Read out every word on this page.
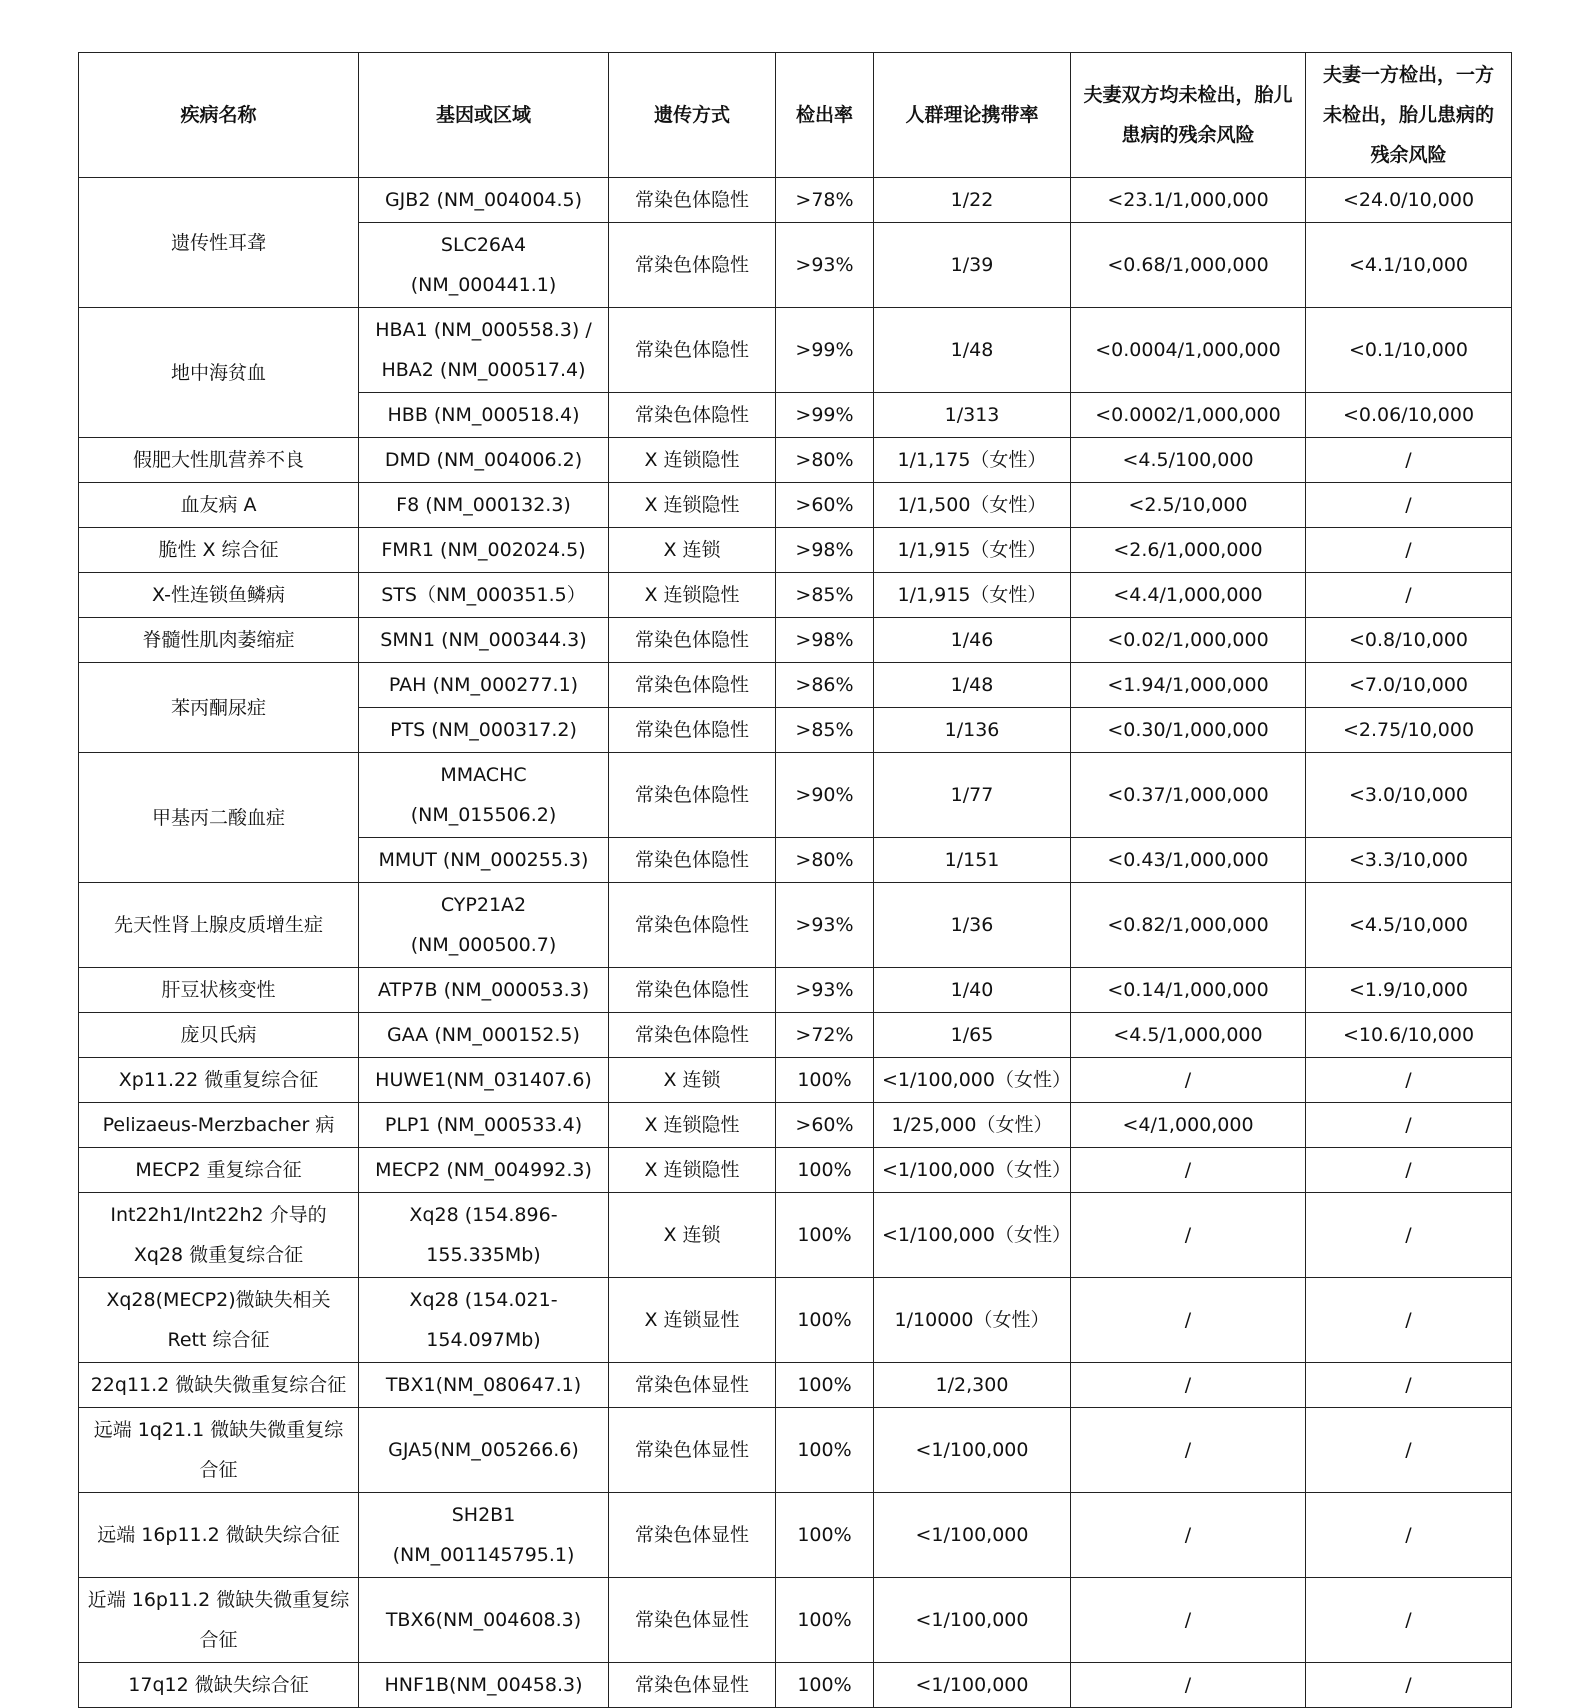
疾病名称	基因或区域	遗传方式	检出率	人群理论携带率	夫妻双方均未检出，胎儿患病的残余风险	夫妻一方检出，一方未检出，胎儿患病的残余风险
遗传性耳聋	GJB2 (NM_004004.5)	常染色体隐性	>78%	1/22	<23.1/1,000,000	<24.0/10,000
	SLC26A4 (NM_000441.1)	常染色体隐性	>93%	1/39	<0.68/1,000,000	<4.1/10,000
地中海贫血	HBA1 (NM_000558.3) / HBA2 (NM_000517.4)	常染色体隐性	>99%	1/48	<0.0004/1,000,000	<0.1/10,000
	HBB (NM_000518.4)	常染色体隐性	>99%	1/313	<0.0002/1,000,000	<0.06/10,000
假肥大性肌营养不良	DMD (NM_004006.2)	X 连锁隐性	>80%	1/1,175（女性）	<4.5/100,000	/
血友病 A	F8 (NM_000132.3)	X 连锁隐性	>60%	1/1,500（女性）	<2.5/10,000	/
脆性 X 综合征	FMR1 (NM_002024.5)	X 连锁	>98%	1/1,915（女性）	<2.6/1,000,000	/
X-性连锁鱼鳞病	STS（NM_000351.5）	X 连锁隐性	>85%	1/1,915（女性）	<4.4/1,000,000	/
脊髓性肌肉萎缩症	SMN1 (NM_000344.3)	常染色体隐性	>98%	1/46	<0.02/1,000,000	<0.8/10,000
苯丙酮尿症	PAH (NM_000277.1)	常染色体隐性	>86%	1/48	<1.94/1,000,000	<7.0/10,000
	PTS (NM_000317.2)	常染色体隐性	>85%	1/136	<0.30/1,000,000	<2.75/10,000
甲基丙二酸血症	MMACHC (NM_015506.2)	常染色体隐性	>90%	1/77	<0.37/1,000,000	<3.0/10,000
	MMUT (NM_000255.3)	常染色体隐性	>80%	1/151	<0.43/1,000,000	<3.3/10,000
先天性肾上腺皮质增生症	CYP21A2 (NM_000500.7)	常染色体隐性	>93%	1/36	<0.82/1,000,000	<4.5/10,000
肝豆状核变性	ATP7B (NM_000053.3)	常染色体隐性	>93%	1/40	<0.14/1,000,000	<1.9/10,000
庞贝氏病	GAA (NM_000152.5)	常染色体隐性	>72%	1/65	<4.5/1,000,000	<10.6/10,000
Xp11.22 微重复综合征	HUWE1(NM_031407.6)	X 连锁	100%	<1/100,000（女性）	/	/
Pelizaeus-Merzbacher 病	PLP1 (NM_000533.4)	X 连锁隐性	>60%	1/25,000（女性）	<4/1,000,000	/
MECP2 重复综合征	MECP2 (NM_004992.3)	X 连锁隐性	100%	<1/100,000（女性）	/	/
Int22h1/Int22h2 介导的 Xq28 微重复综合征	Xq28 (154.896-155.335Mb)	X 连锁	100%	<1/100,000（女性）	/	/
Xq28(MECP2)微缺失相关 Rett 综合征	Xq28 (154.021-154.097Mb)	X 连锁显性	100%	1/10000（女性）	/	/
22q11.2 微缺失微重复综合征	TBX1(NM_080647.1)	常染色体显性	100%	1/2,300	/	/
远端 1q21.1 微缺失微重复综合征	GJA5(NM_005266.6)	常染色体显性	100%	<1/100,000	/	/
远端 16p11.2 微缺失综合征	SH2B1 (NM_001145795.1)	常染色体显性	100%	<1/100,000	/	/
近端 16p11.2 微缺失微重复综合征	TBX6(NM_004608.3)	常染色体显性	100%	<1/100,000	/	/
17q12 微缺失综合征	HNF1B(NM_00458.3)	常染色体显性	100%	<1/100,000	/	/
